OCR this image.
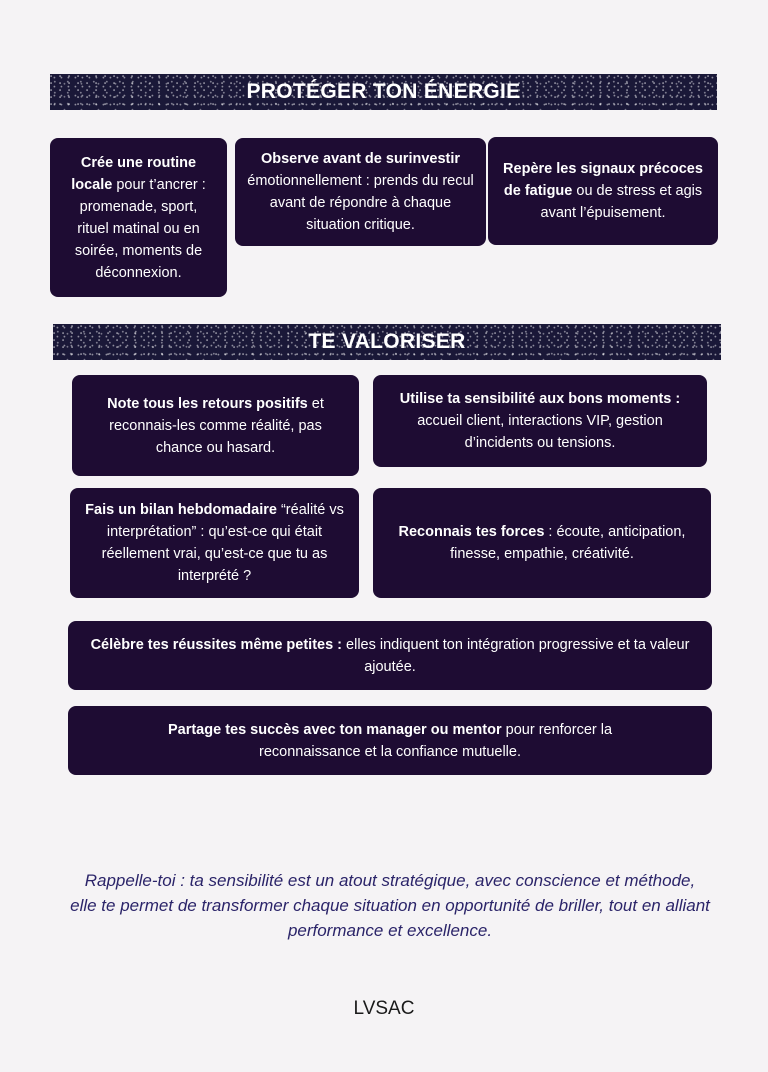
PROTÉGER TON ÉNERGIE

Crée une routine locale pour t’ancrer : promenade, sport, rituel matinal ou en soirée, moments de déconnexion.

Observe avant de surinvestir émotionnellement : prends du recul avant de répondre à chaque situation critique.

Repère les signaux précoces de fatigue ou de stress et agis avant l’épuisement.

TE VALORISER

Note tous les retours positifs et reconnais-les comme réalité, pas chance ou hasard.

Utilise ta sensibilité aux bons moments : accueil client, interactions VIP, gestion d’incidents ou tensions.

Fais un bilan hebdomadaire “réalité vs interprétation” : qu’est-ce qui était réellement vrai, qu’est-ce que tu as interprété ?

Reconnais tes forces : écoute, anticipation, finesse, empathie, créativité.

Célèbre tes réussites même petites : elles indiquent ton intégration progressive et ta valeur ajoutée.

Partage tes succès avec ton manager ou mentor pour renforcer la reconnaissance et la confiance mutuelle.

Rappelle-toi : ta sensibilité est un atout stratégique, avec conscience et méthode, elle te permet de transformer chaque situation en opportunité de briller, tout en alliant performance et excellence.
LVSAC
